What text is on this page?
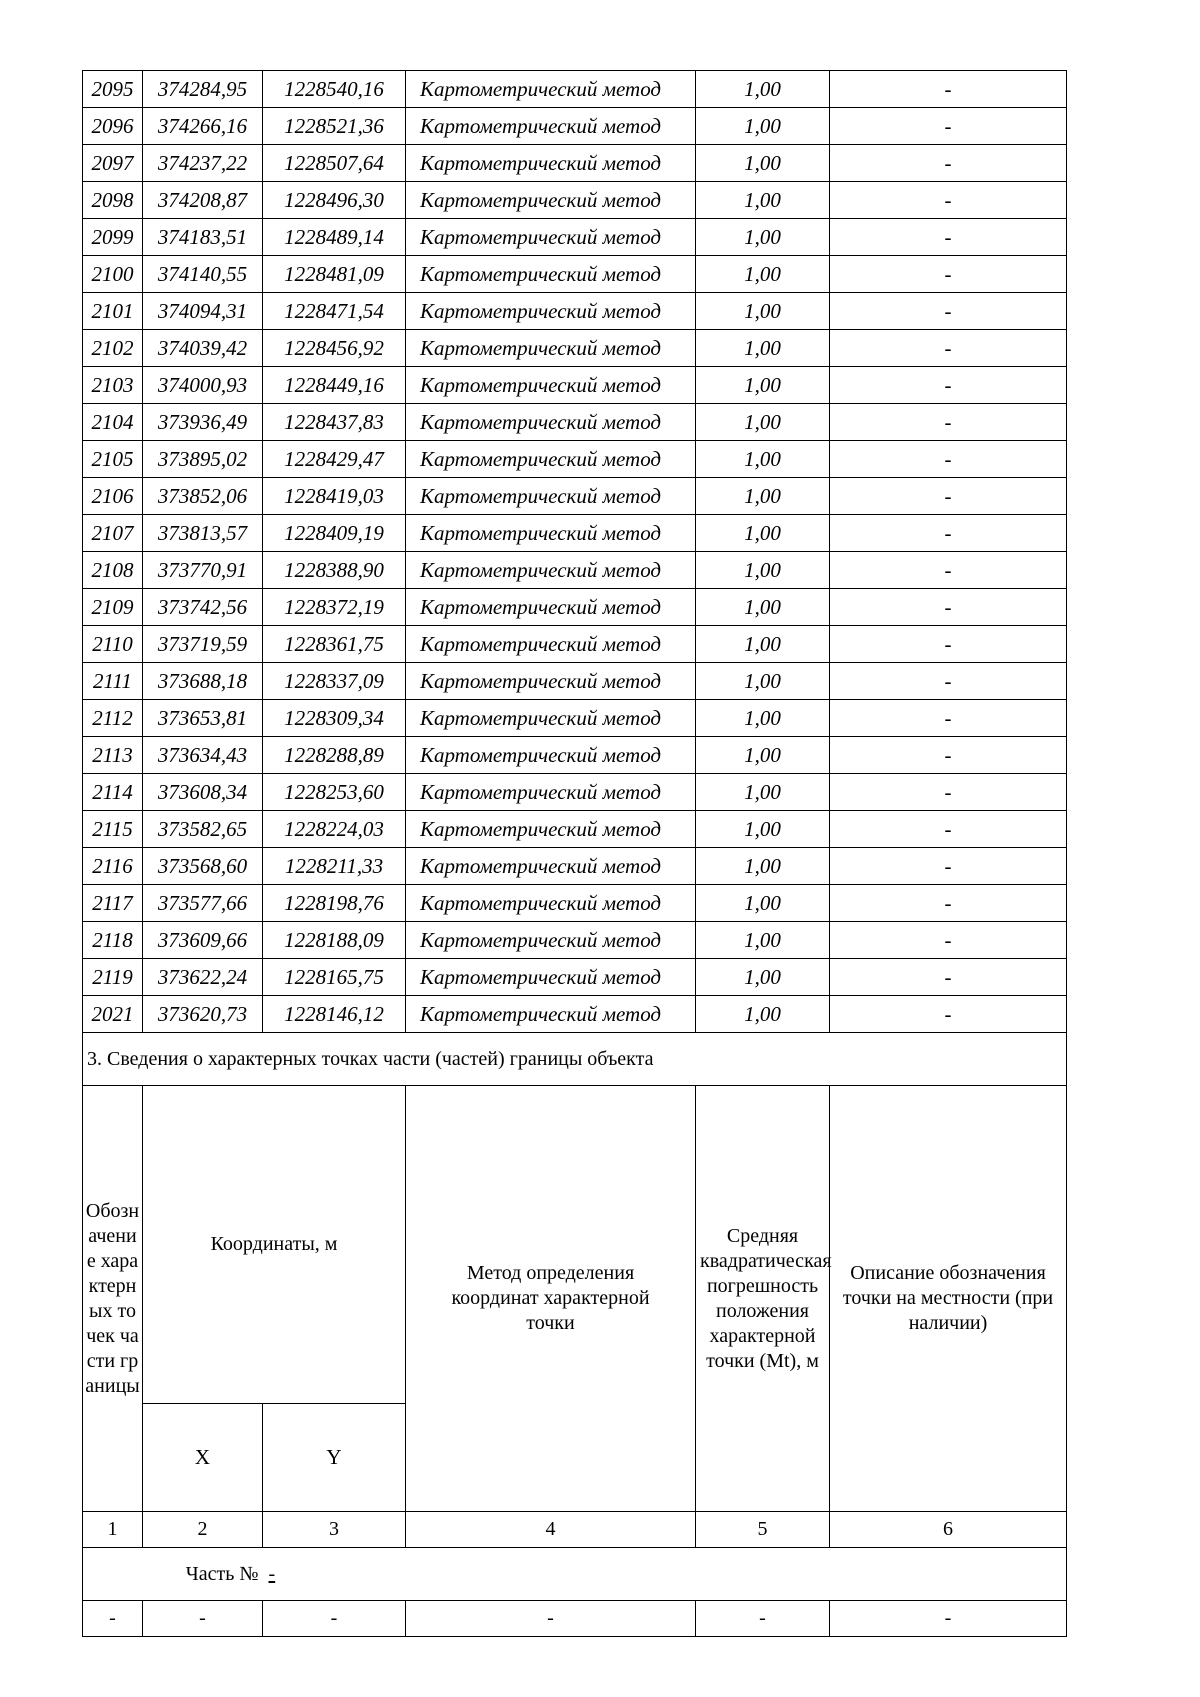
2095	374284,95	1228540,16	Картометрический метод	1,00	-
2096	374266,16	1228521,36	Картометрический метод	1,00	-
2097	374237,22	1228507,64	Картометрический метод	1,00	-
2098	374208,87	1228496,30	Картометрический метод	1,00	-
2099	374183,51	1228489,14	Картометрический метод	1,00	-
2100	374140,55	1228481,09	Картометрический метод	1,00	-
2101	374094,31	1228471,54	Картометрический метод	1,00	-
2102	374039,42	1228456,92	Картометрический метод	1,00	-
2103	374000,93	1228449,16	Картометрический метод	1,00	-
2104	373936,49	1228437,83	Картометрический метод	1,00	-
2105	373895,02	1228429,47	Картометрический метод	1,00	-
2106	373852,06	1228419,03	Картометрический метод	1,00	-
2107	373813,57	1228409,19	Картометрический метод	1,00	-
2108	373770,91	1228388,90	Картометрический метод	1,00	-
2109	373742,56	1228372,19	Картометрический метод	1,00	-
2110	373719,59	1228361,75	Картометрический метод	1,00	-
2111	373688,18	1228337,09	Картометрический метод	1,00	-
2112	373653,81	1228309,34	Картометрический метод	1,00	-
2113	373634,43	1228288,89	Картометрический метод	1,00	-
2114	373608,34	1228253,60	Картометрический метод	1,00	-
2115	373582,65	1228224,03	Картометрический метод	1,00	-
2116	373568,60	1228211,33	Картометрический метод	1,00	-
2117	373577,66	1228198,76	Картометрический метод	1,00	-
2118	373609,66	1228188,09	Картометрический метод	1,00	-
2119	373622,24	1228165,75	Картометрический метод	1,00	-
2021	373620,73	1228146,12	Картометрический метод	1,00	-
3. Сведения о характерных точках части (частей) границы объекта					
Обозначение характерных точек части границы	Координаты, м		Метод определения координат характерной точки	Средняя квадратическая погрешность положения характерной точки (Mt), м	Описание обозначения точки на местности (при наличии)
	X	Y			
1	2	3	4	5	6
Часть №		-			
-	-	-	-	-	-
